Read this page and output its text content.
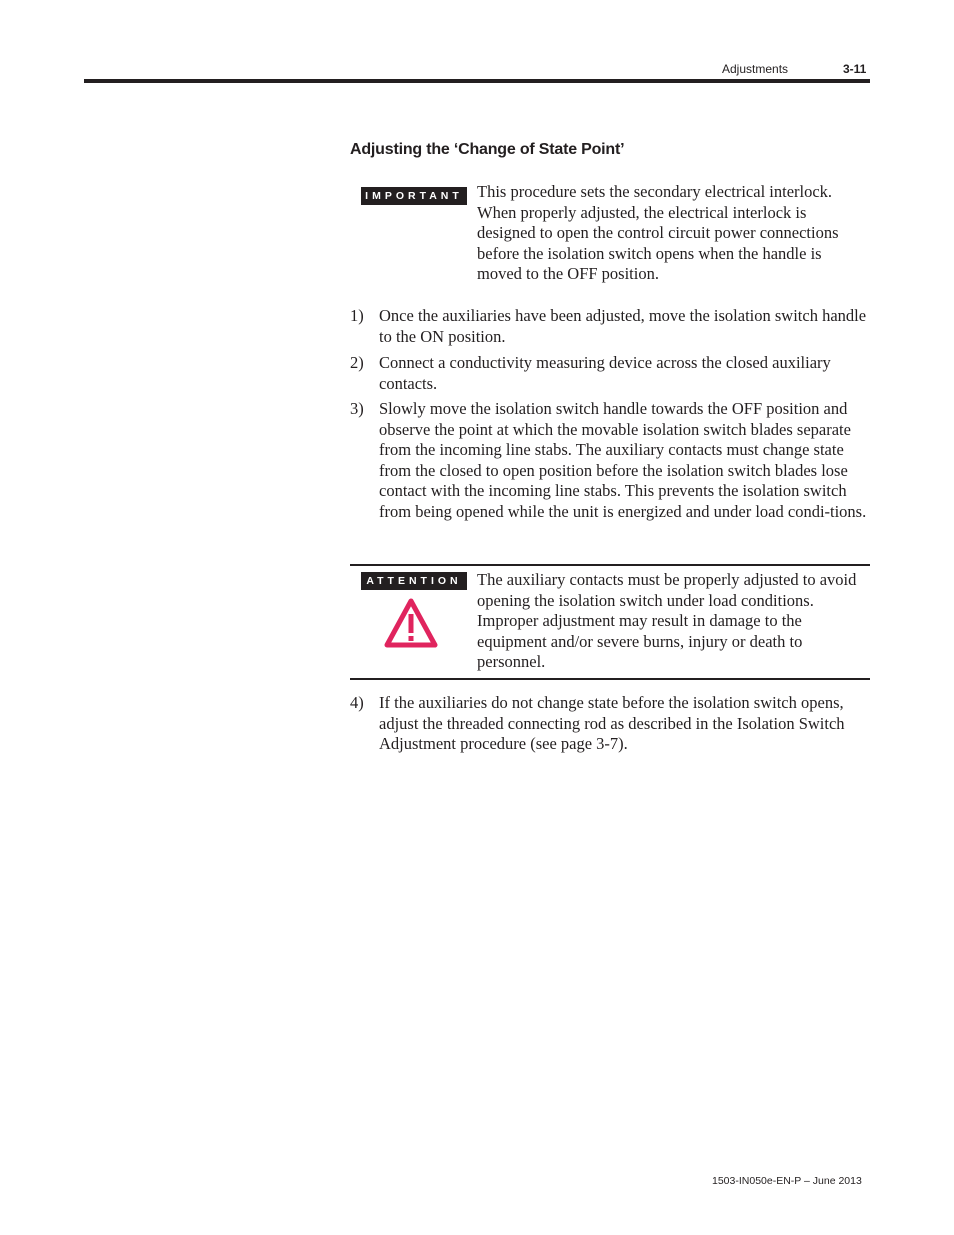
Adjustments	3-11
Adjusting the ‘Change of State Point’
IMPORTANT This procedure sets the secondary electrical interlock. When properly adjusted, the electrical interlock is designed to open the control circuit power connections before the isolation switch opens when the handle is moved to the OFF position.
1) Once the auxiliaries have been adjusted, move the isolation switch handle to the ON position.
2) Connect a conductivity measuring device across the closed auxiliary contacts.
3) Slowly move the isolation switch handle towards the OFF position and observe the point at which the movable isolation switch blades separate from the incoming line stabs. The auxiliary contacts must change state from the closed to open position before the isolation switch blades lose contact with the incoming line stabs. This prevents the isolation switch from being opened while the unit is energized and under load condi-tions.
ATTENTION The auxiliary contacts must be properly adjusted to avoid opening the isolation switch under load conditions. Improper adjustment may result in damage to the equipment and/or severe burns, injury or death to personnel.
4) If the auxiliaries do not change state before the isolation switch opens, adjust the threaded connecting rod as described in the Isolation Switch Adjustment procedure (see page 3-7).
1503-IN050e-EN-P – June 2013
